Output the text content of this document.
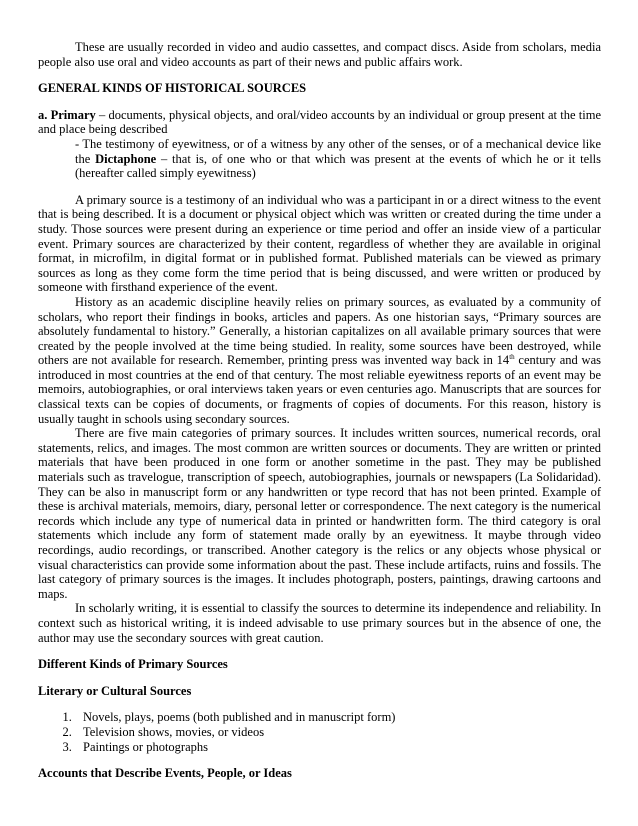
These are usually recorded in video and audio cassettes, and compact discs. Aside from scholars, media people also use oral and video accounts as part of their news and public affairs work.

GENERAL KINDS OF HISTORICAL SOURCES

a. Primary – documents, physical objects, and oral/video accounts by an individual or group present at the time and place being described

- The testimony of eyewitness, or of a witness by any other of the senses, or of a mechanical device like the Dictaphone – that is, of one who or that which was present at the events of which he or it tells (hereafter called simply eyewitness)

A primary source is a testimony of an individual who was a participant in or a direct witness to the event that is being described. It is a document or physical object which was written or created during the time under a study. Those sources were present during an experience or time period and offer an inside view of a particular event. Primary sources are characterized by their content, regardless of whether they are available in original format, in microfilm, in digital format or in published format. Published materials can be viewed as primary sources as long as they come form the time period that is being discussed, and were written or produced by someone with firsthand experience of the event.

History as an academic discipline heavily relies on primary sources, as evaluated by a community of scholars, who report their findings in books, articles and papers. As one historian says, “Primary sources are absolutely fundamental to history.” Generally, a historian capitalizes on all available primary sources that were created by the people involved at the time being studied. In reality, some sources have been destroyed, while others are not available for research. Remember, printing press was invented way back in 14th century and was introduced in most countries at the end of that century. The most reliable eyewitness reports of an event may be memoirs, autobiographies, or oral interviews taken years or even centuries ago. Manuscripts that are sources for classical texts can be copies of documents, or fragments of copies of documents. For this reason, history is usually taught in schools using secondary sources.

There are five main categories of primary sources. It includes written sources, numerical records, oral statements, relics, and images. The most common are written sources or documents. They are written or printed materials that have been produced in one form or another sometime in the past. They may be published materials such as travelogue, transcription of speech, autobiographies, journals or newspapers (La Solidaridad). They can be also in manuscript form or any handwritten or type record that has not been printed. Example of these is archival materials, memoirs, diary, personal letter or correspondence. The next category is the numerical records which include any type of numerical data in printed or handwritten form. The third category is oral statements which include any form of statement made orally by an eyewitness. It maybe through video recordings, audio recordings, or transcribed. Another category is the relics or any objects whose physical or visual characteristics can provide some information about the past. These include artifacts, ruins and fossils. The last category of primary sources is the images. It includes photograph, posters, paintings, drawing cartoons and maps.

In scholarly writing, it is essential to classify the sources to determine its independence and reliability. In context such as historical writing, it is indeed advisable to use primary sources but in the absence of one, the author may use the secondary sources with great caution.

Different Kinds of Primary Sources

Literary or Cultural Sources

1. Novels, plays, poems (both published and in manuscript form)
2. Television shows, movies, or videos
3. Paintings or photographs

Accounts that Describe Events, People, or Ideas
